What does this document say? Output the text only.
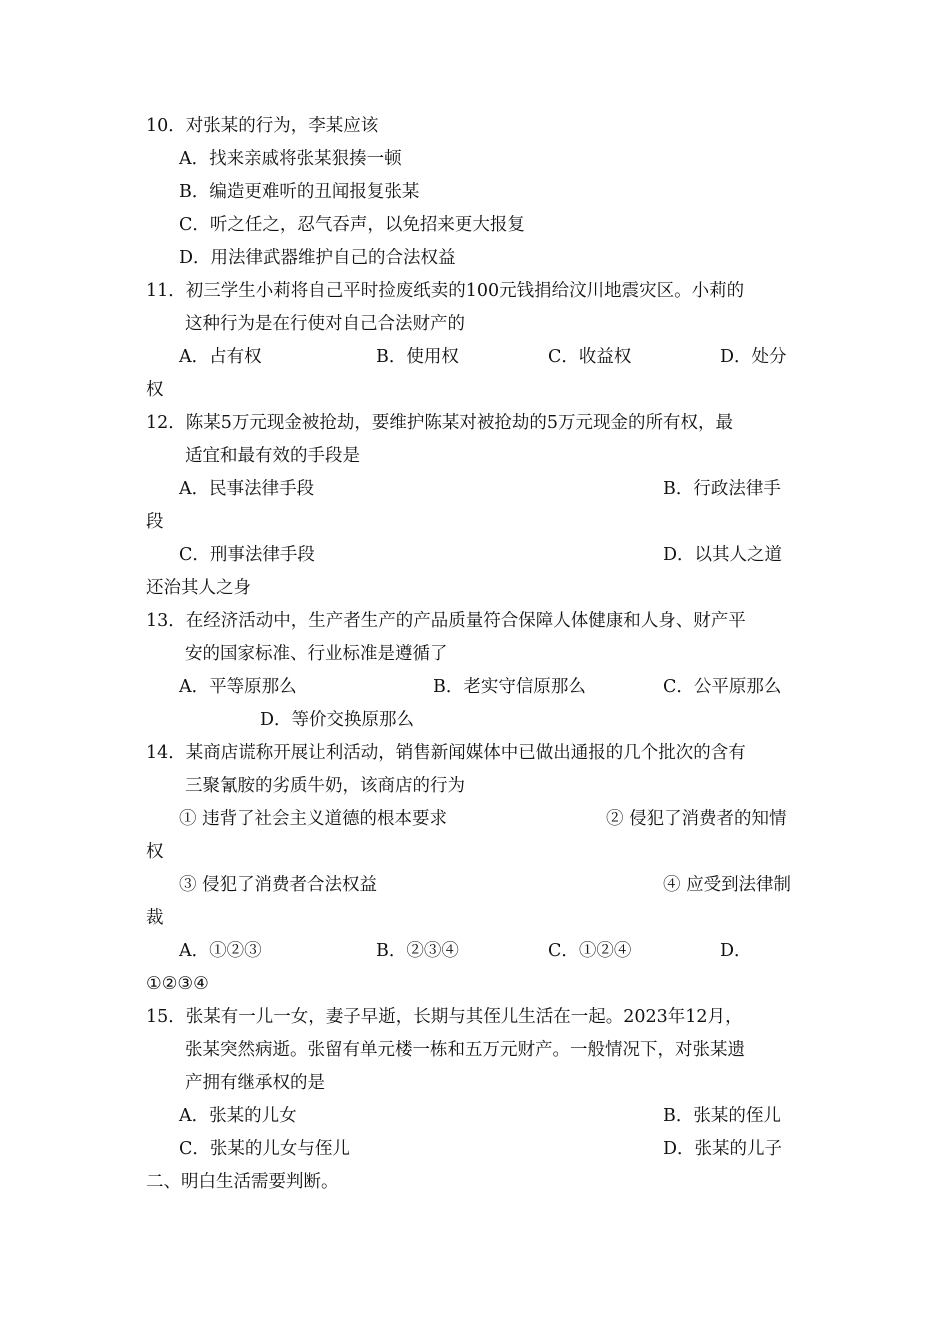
10．对张某的行为，李某应该
A．找来亲戚将张某狠揍一顿
B．编造更难听的丑闻报复张某
C．听之任之，忍气吞声，以免招来更大报复
D．用法律武器维护自己的合法权益
11．初三学生小莉将自己平时捡废纸卖的100元钱捐给汶川地震灾区。小莉的
这种行为是在行使对自己合法财产的
A．占有权	B．使用权	C．收益权	D．处分
权
12．陈某5万元现金被抢劫，要维护陈某对被抢劫的5万元现金的所有权，最
适宜和最有效的手段是
A．民事法律手段	B．行政法律手
段
C．刑事法律手段	D．以其人之道
还治其人之身
13．在经济活动中，生产者生产的产品质量符合保障人体健康和人身、财产平
安的国家标准、行业标准是遵循了
A．平等原那么	B．老实守信原那么	C．公平原那么
D．等价交换原那么
14．某商店谎称开展让利活动，销售新闻媒体中已做出通报的几个批次的含有
三聚氰胺的劣质牛奶，该商店的行为
① 违背了社会主义道德的根本要求	② 侵犯了消费者的知情
权
③ 侵犯了消费者合法权益	④ 应受到法律制
裁
A．①②③	B．②③④	C．①②④	D．
①②③④
15．张某有一儿一女，妻子早逝，长期与其侄儿生活在一起。2023年12月，
张某突然病逝。张留有单元楼一栋和五万元财产。一般情况下，对张某遗
产拥有继承权的是
A．张某的儿女	B．张某的侄儿
C．张某的儿女与侄儿	D．张某的儿子
二、明白生活需要判断。
